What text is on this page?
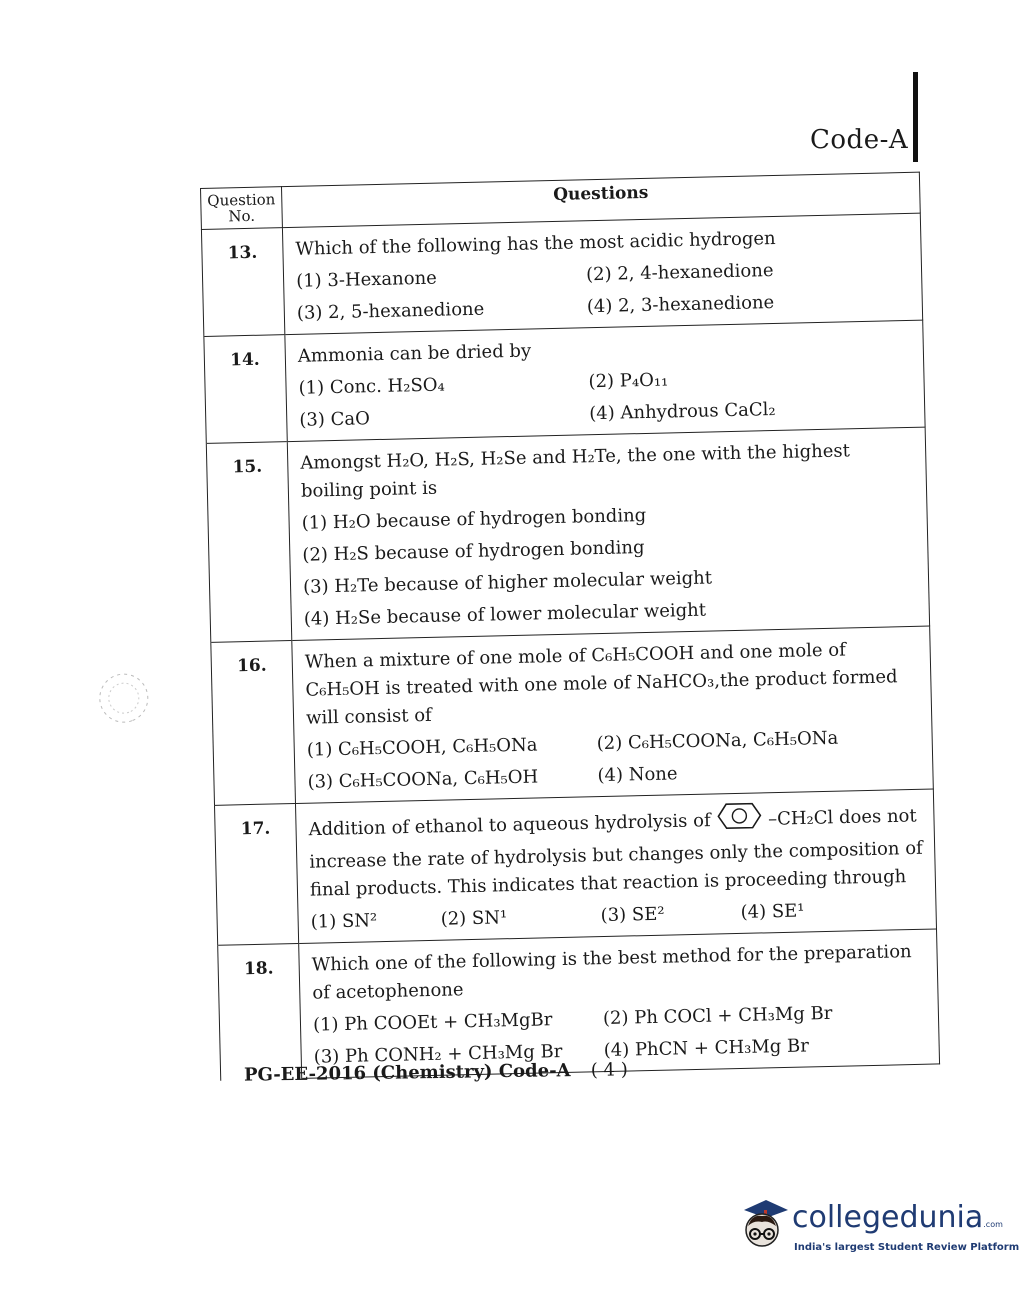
Code-A
Question No.	Questions
13.	Which of the following has the most acidic hydrogen
(1) 3-Hexanone (2) 2, 4-hexanedione
(3) 2, 5-hexanedione (4) 2, 3-hexanedione

14.	Ammonia can be dried by
(1) Conc. H₂SO₄ (2) P₄O₁₁
(3) CaO (4) Anhydrous CaCl₂

15.	Amongst H₂O, H₂S, H₂Se and H₂Te, the one with the highest boiling point is
(1) H₂O because of hydrogen bonding
(2) H₂S because of hydrogen bonding
(3) H₂Te because of higher molecular weight
(4) H₂Se because of lower molecular weight

16.	When a mixture of one mole of C₆H₅COOH and one mole of C₆H₅OH is treated with one mole of NaHCO₃,the product formed will consist of
(1) C₆H₅COOH, C₆H₅ONa (2) C₆H₅COONa, C₆H₅ONa
(3) C₆H₅COONa, C₆H₅OH (4) None

17.	Addition of ethanol to aqueous hydrolysis of –CH₂Cl does not increase the rate of hydrolysis but changes only the composition of final products. This indicates that reaction is proceeding through
(1) SN² (2) SN¹ (3) SE² (4) SE¹

18.	Which one of the following is the best method for the preparation of acetophenone
(1) Ph COOEt + CH₃MgBr (2) Ph COCl + CH₃Mg Br
(3) Ph CONH₂ + CH₃Mg Br (4) PhCN + CH₃Mg Br
PG-EE-2016 (Chemistry) Code-A ( 4 )
collegedunia.com
India's largest Student Review Platform
